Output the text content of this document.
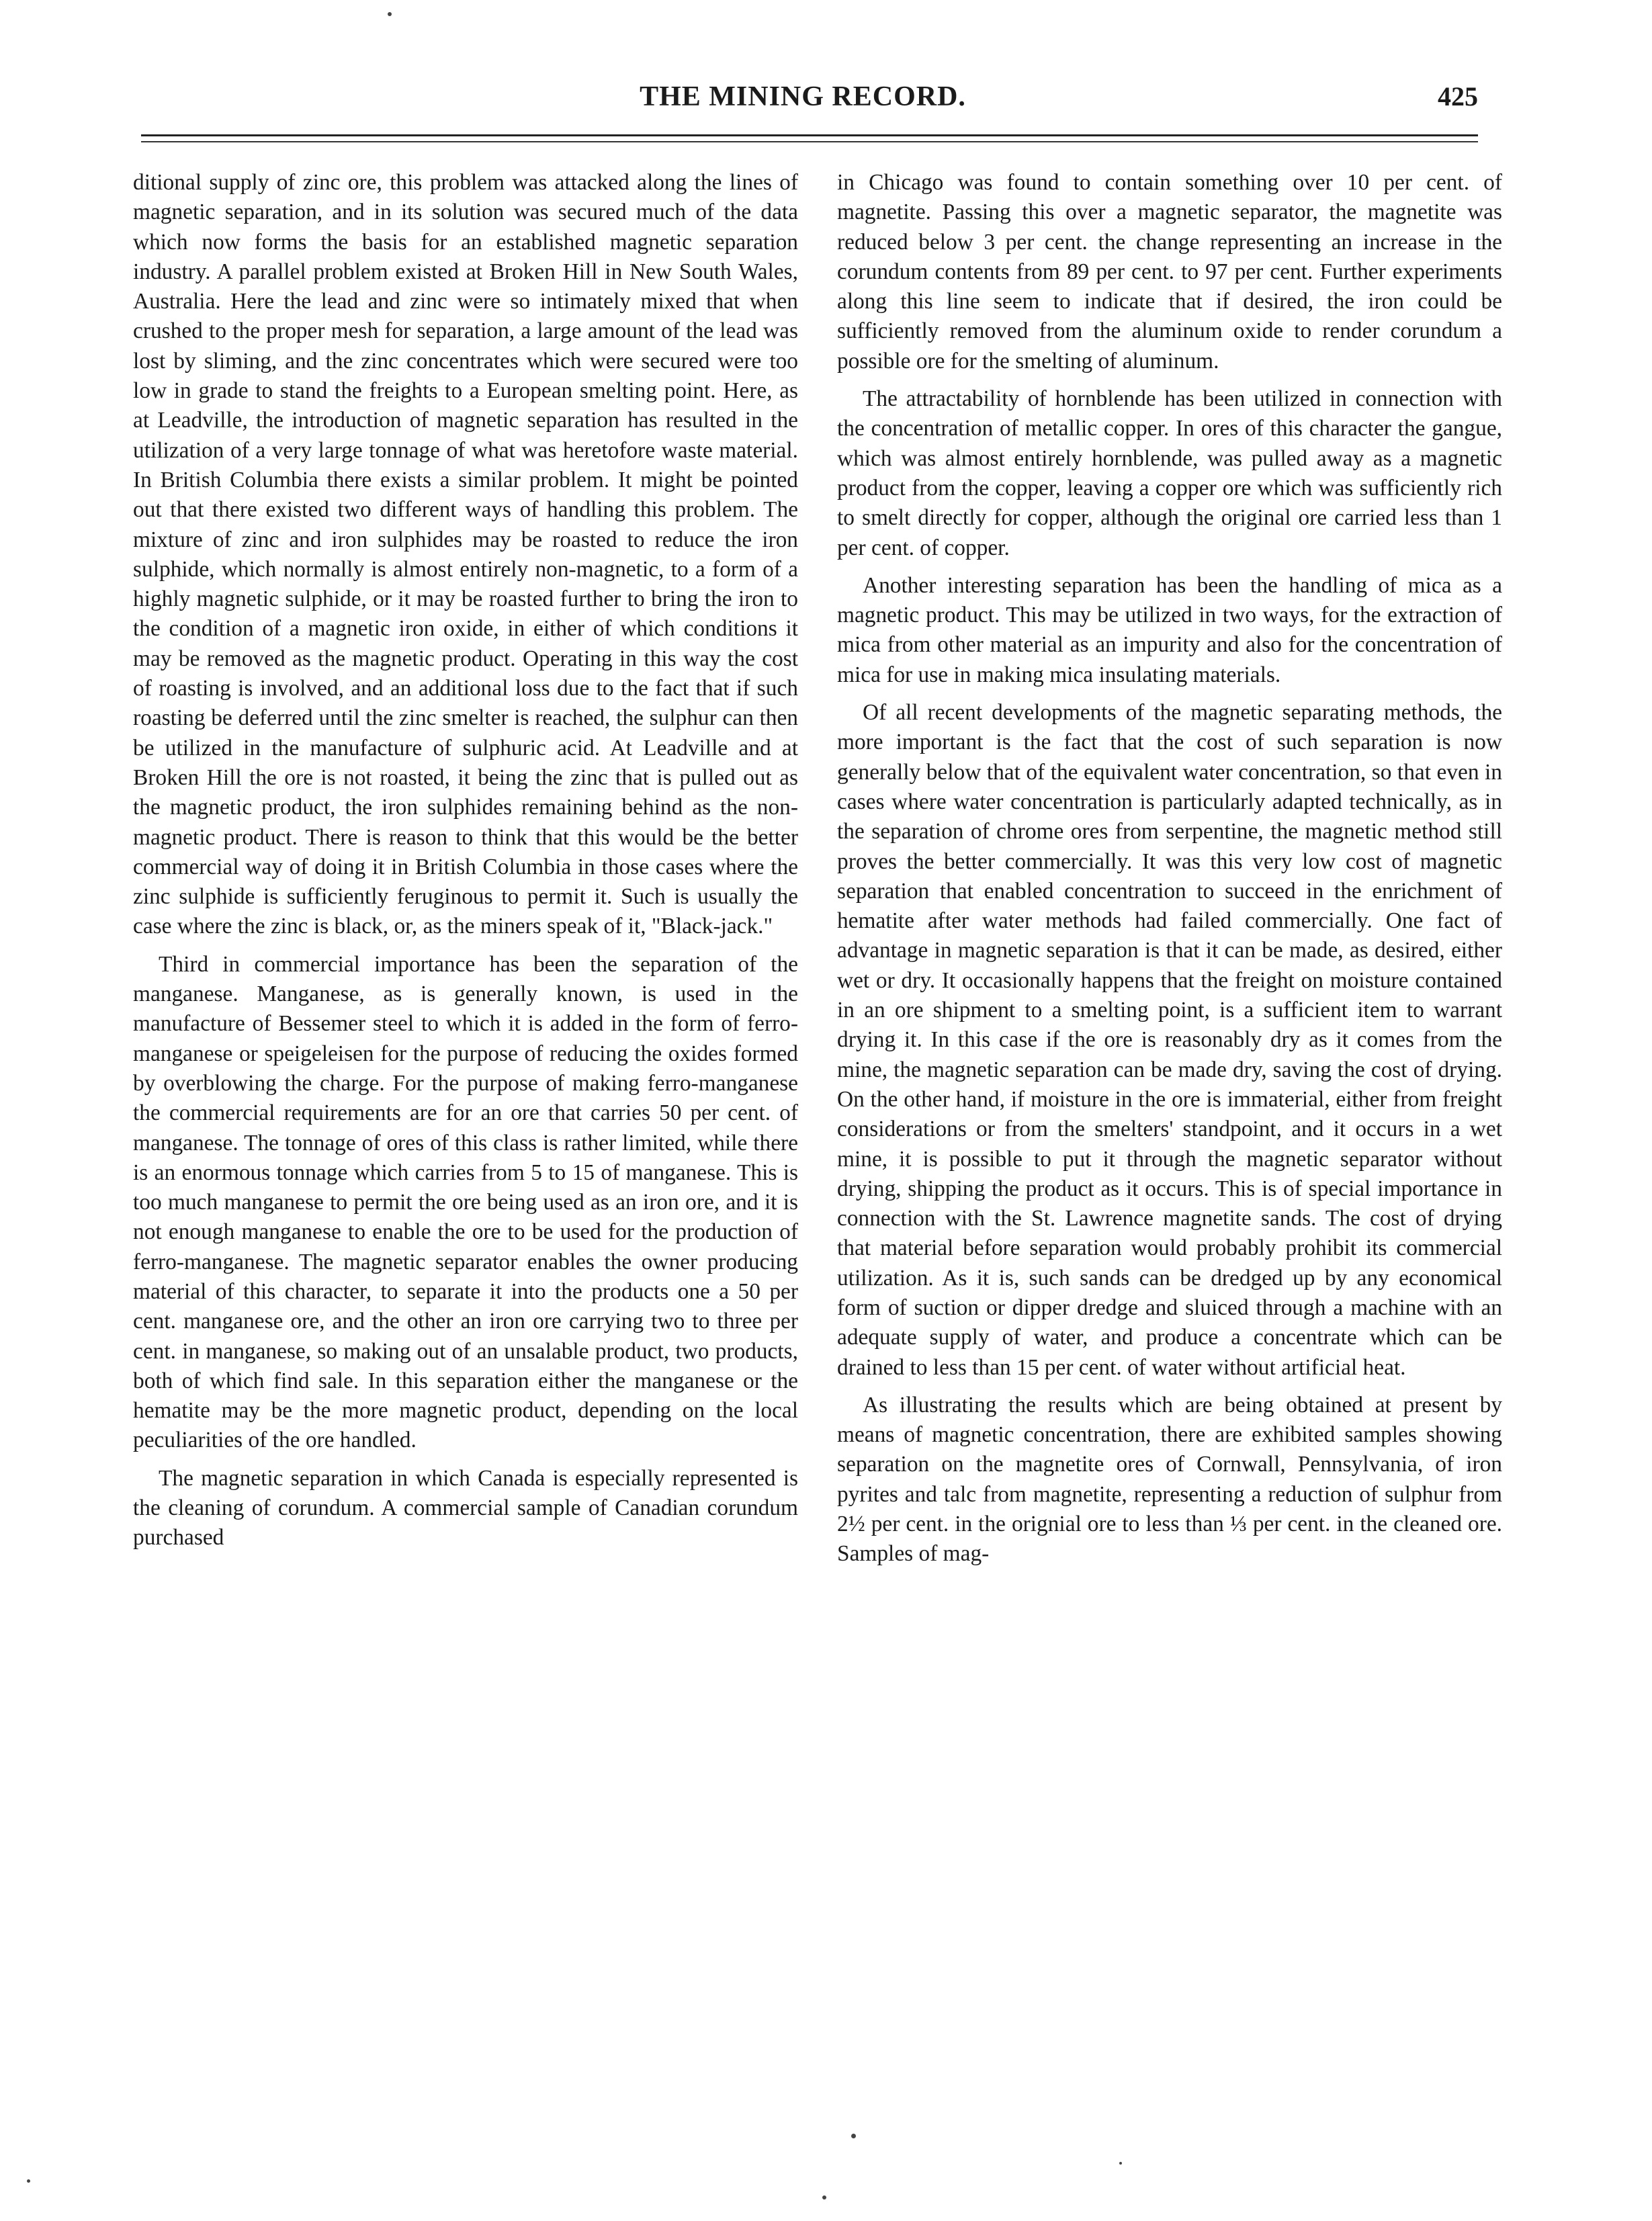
THE MINING RECORD.	425

ditional supply of zinc ore, this problem was attacked along the lines of magnetic separation, and in its solution was secured much of the data which now forms the basis for an established magnetic separation industry. A parallel problem existed at Broken Hill in New South Wales, Australia. Here the lead and zinc were so intimately mixed that when crushed to the proper mesh for separation, a large amount of the lead was lost by sliming, and the zinc concentrates which were secured were too low in grade to stand the freights to a European smelting point. Here, as at Leadville, the introduction of magnetic separation has resulted in the utilization of a very large tonnage of what was heretofore waste material. In British Columbia there exists a similar problem. It might be pointed out that there existed two different ways of handling this problem. The mixture of zinc and iron sulphides may be roasted to reduce the iron sulphide, which normally is almost entirely non-magnetic, to a form of a highly magnetic sulphide, or it may be roasted further to bring the iron to the condition of a magnetic iron oxide, in either of which conditions it may be removed as the magnetic product. Operating in this way the cost of roasting is involved, and an additional loss due to the fact that if such roasting be deferred until the zinc smelter is reached, the sulphur can then be utilized in the manufacture of sulphuric acid. At Leadville and at Broken Hill the ore is not roasted, it being the zinc that is pulled out as the magnetic product, the iron sulphides remaining behind as the non-magnetic product. There is reason to think that this would be the better commercial way of doing it in British Columbia in those cases where the zinc sulphide is sufficiently feruginous to permit it. Such is usually the case where the zinc is black, or, as the miners speak of it, "Black-jack."

Third in commercial importance has been the separation of the manganese. Manganese, as is generally known, is used in the manufacture of Bessemer steel to which it is added in the form of ferro-manganese or speigeleisen for the purpose of reducing the oxides formed by overblowing the charge. For the purpose of making ferro-manganese the commercial requirements are for an ore that carries 50 per cent. of manganese. The tonnage of ores of this class is rather limited, while there is an enormous tonnage which carries from 5 to 15 of manganese. This is too much manganese to permit the ore being used as an iron ore, and it is not enough manganese to enable the ore to be used for the production of ferro-manganese. The magnetic separator enables the owner producing material of this character, to separate it into the products one a 50 per cent. manganese ore, and the other an iron ore carrying two to three per cent. in manganese, so making out of an unsalable product, two products, both of which find sale. In this separation either the manganese or the hematite may be the more magnetic product, depending on the local peculiarities of the ore handled.

The magnetic separation in which Canada is especially represented is the cleaning of corundum. A commercial sample of Canadian corundum purchased

in Chicago was found to contain something over 10 per cent. of magnetite. Passing this over a magnetic separator, the magnetite was reduced below 3 per cent. the change representing an increase in the corundum contents from 89 per cent. to 97 per cent. Further experiments along this line seem to indicate that if desired, the iron could be sufficiently removed from the aluminum oxide to render corundum a possible ore for the smelting of aluminum.

The attractability of hornblende has been utilized in connection with the concentration of metallic copper. In ores of this character the gangue, which was almost entirely hornblende, was pulled away as a magnetic product from the copper, leaving a copper ore which was sufficiently rich to smelt directly for copper, although the original ore carried less than 1 per cent. of copper.

Another interesting separation has been the handling of mica as a magnetic product. This may be utilized in two ways, for the extraction of mica from other material as an impurity and also for the concentration of mica for use in making mica insulating materials.

Of all recent developments of the magnetic separating methods, the more important is the fact that the cost of such separation is now generally below that of the equivalent water concentration, so that even in cases where water concentration is particularly adapted technically, as in the separation of chrome ores from serpentine, the magnetic method still proves the better commercially. It was this very low cost of magnetic separation that enabled concentration to succeed in the enrichment of hematite after water methods had failed commercially. One fact of advantage in magnetic separation is that it can be made, as desired, either wet or dry. It occasionally happens that the freight on moisture contained in an ore shipment to a smelting point, is a sufficient item to warrant drying it. In this case if the ore is reasonably dry as it comes from the mine, the magnetic separation can be made dry, saving the cost of drying. On the other hand, if moisture in the ore is immaterial, either from freight considerations or from the smelters' standpoint, and it occurs in a wet mine, it is possible to put it through the magnetic separator without drying, shipping the product as it occurs. This is of special importance in connection with the St. Lawrence magnetite sands. The cost of drying that material before separation would probably prohibit its commercial utilization. As it is, such sands can be dredged up by any economical form of suction or dipper dredge and sluiced through a machine with an adequate supply of water, and produce a concentrate which can be drained to less than 15 per cent. of water without artificial heat.

As illustrating the results which are being obtained at present by means of magnetic concentration, there are exhibited samples showing separation on the magnetite ores of Cornwall, Pennsylvania, of iron pyrites and talc from magnetite, representing a reduction of sulphur from 2½ per cent. in the orignial ore to less than ⅓ per cent. in the cleaned ore. Samples of mag-
